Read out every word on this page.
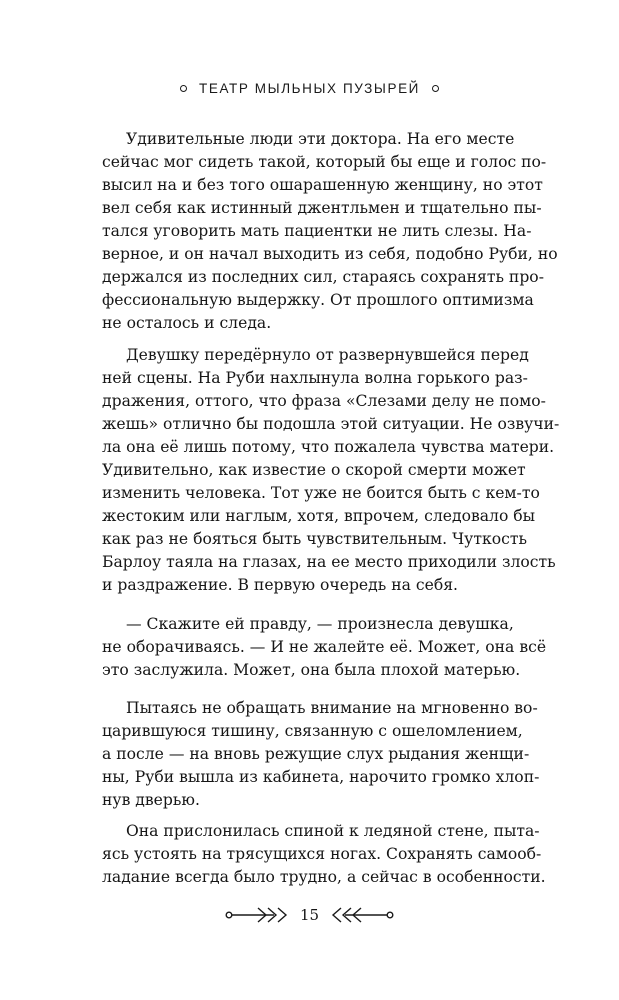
ТЕАТР МЫЛЬНЫХ ПУЗЫРЕЙ
Удивительные люди эти доктора. На его месте
сейчас мог сидеть такой, который бы еще и голос по-
высил на и без того ошарашенную женщину, но этот
вел себя как истинный джентльмен и тщательно пы-
тался уговорить мать пациентки не лить слезы. На-
верное, и он начал выходить из себя, подобно Руби, но
держался из последних сил, стараясь сохранять про-
фессиональную выдержку. От прошлого оптимизма
не осталось и следа.
Девушку передёрнуло от развернувшейся перед
ней сцены. На Руби нахлынула волна горького раз-
дражения, оттого, что фраза «Слезами делу не помо-
жешь» отлично бы подошла этой ситуации. Не озвучи-
ла она её лишь потому, что пожалела чувства матери.
Удивительно, как известие о скорой смерти может
изменить человека. Тот уже не боится быть с кем-то
жестоким или наглым, хотя, впрочем, следовало бы
как раз не бояться быть чувствительным. Чуткость
Барлоу таяла на глазах, на ее место приходили злость
и раздражение. В первую очередь на себя.
— Скажите ей правду, — произнесла девушка,
не оборачиваясь. — И не жалейте её. Может, она всё
это заслужила. Может, она была плохой матерью.
Пытаясь не обращать внимание на мгновенно во-
царившуюся тишину, связанную с ошеломлением,
а после — на вновь режущие слух рыдания женщи-
ны, Руби вышла из кабинета, нарочито громко хлоп-
нув дверью.
Она прислонилась спиной к ледяной стене, пыта-
ясь устоять на трясущихся ногах. Сохранять самооб-
ладание всегда было трудно, а сейчас в особенности.
15
